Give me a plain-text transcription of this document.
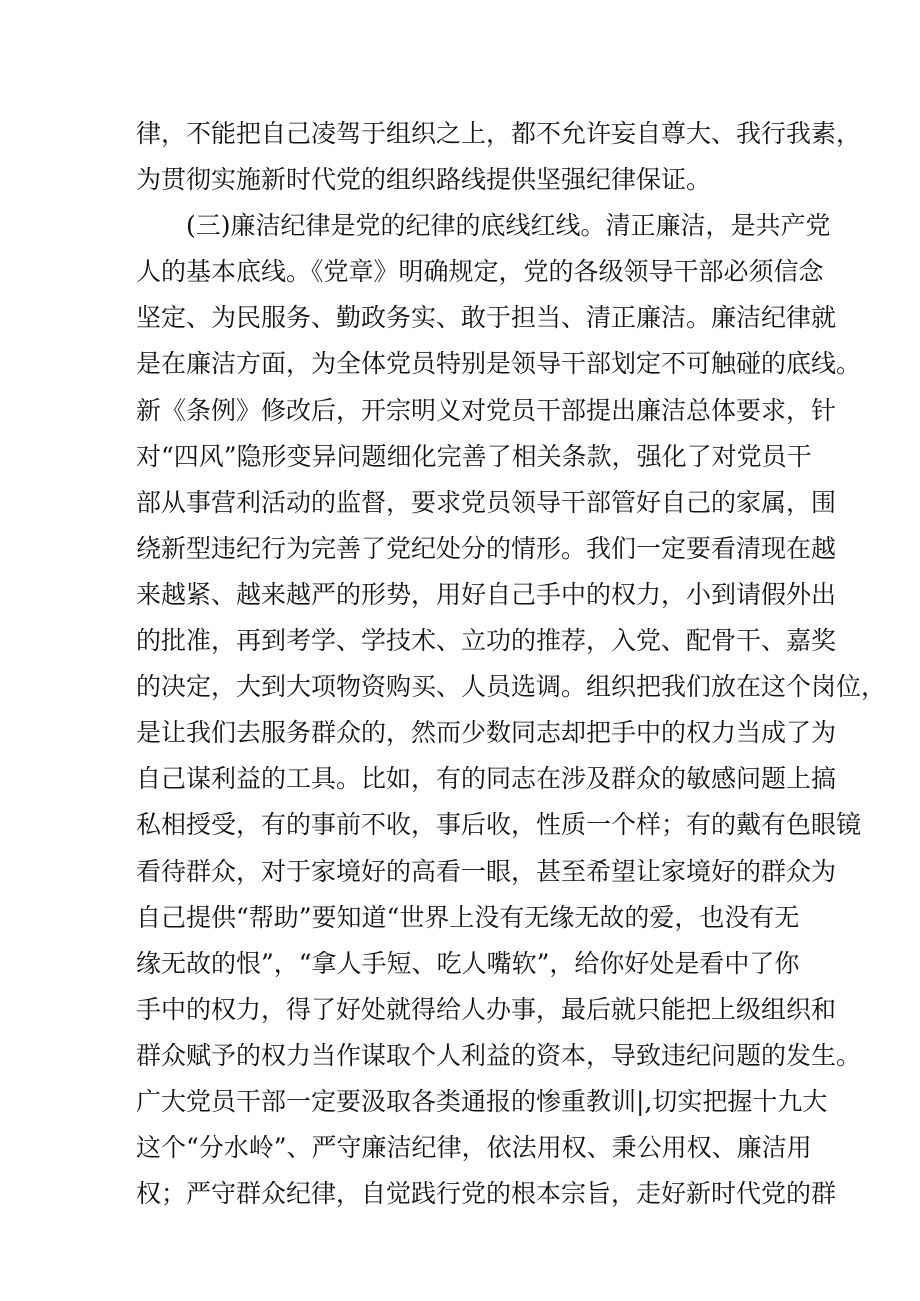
律，不能把自己凌驾于组织之上，都不允许妄自尊大、我行我素，
为贯彻实施新时代党的组织路线提供坚强纪律保证。
(三)廉洁纪律是党的纪律的底线红线。清正廉洁，是共产党
人的基本底线。《党章》明确规定，党的各级领导干部必须信念
坚定、为民服务、勤政务实、敢于担当、清正廉洁。廉洁纪律就
是在廉洁方面，为全体党员特别是领导干部划定不可触碰的底线。
新《条例》修改后，开宗明义对党员干部提出廉洁总体要求，针
对“四风”隐形变异问题细化完善了相关条款，强化了对党员干
部从事营利活动的监督，要求党员领导干部管好自己的家属，围
绕新型违纪行为完善了党纪处分的情形。我们一定要看清现在越
来越紧、越来越严的形势，用好自己手中的权力，小到请假外出
的批准，再到考学、学技术、立功的推荐，入党、配骨干、嘉奖
的决定，大到大项物资购买、人员选调。组织把我们放在这个岗位，
是让我们去服务群众的，然而少数同志却把手中的权力当成了为
自己谋利益的工具。比如，有的同志在涉及群众的敏感问题上搞
私相授受，有的事前不收，事后收，性质一个样；有的戴有色眼镜
看待群众，对于家境好的高看一眼，甚至希望让家境好的群众为
自己提供“帮助”要知道“世界上没有无缘无故的爱，也没有无
缘无故的恨”，“拿人手短、吃人嘴软”，给你好处是看中了你
手中的权力，得了好处就得给人办事，最后就只能把上级组织和
群众赋予的权力当作谋取个人利益的资本，导致违纪问题的发生。
广大党员干部一定要汲取各类通报的惨重教训|,切实把握十九大
这个“分水岭”、严守廉洁纪律，依法用权、秉公用权、廉洁用
权；严守群众纪律，自觉践行党的根本宗旨，走好新时代党的群
